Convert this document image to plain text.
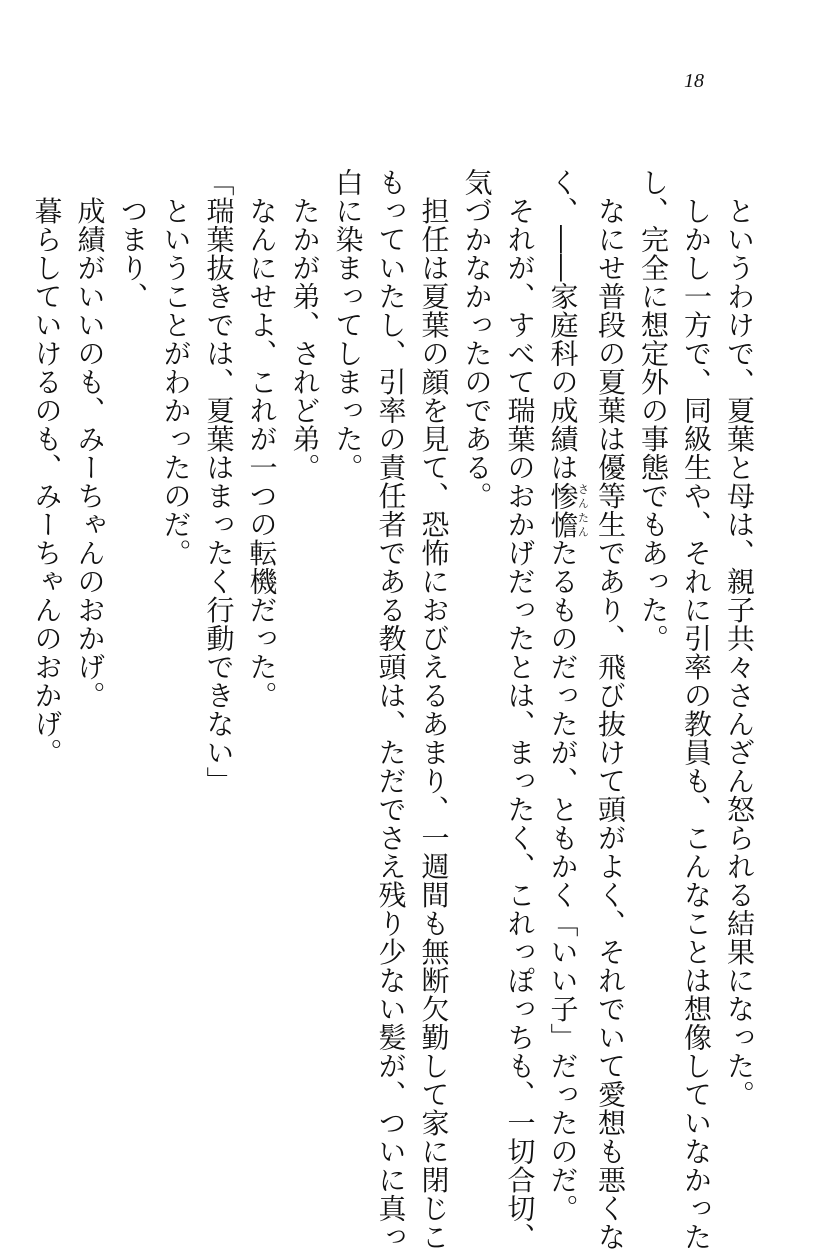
18
　というわけで、夏葉と母は、親子共々さんざん怒られる結果になった。
　しかし一方で、同級生や、それに引率の教員も、こんなことは想像していなかった
し、完全に想定外の事態でもあった。
　なにせ普段の夏葉は優等生であり、飛び抜けて頭がよく、それでいて愛想も悪くな
く、――家庭科の成績は惨憺さんたんたるものだったが、ともかく「いい子」だったのだ。
　それが、すべて瑞葉のおかげだったとは、まったく、これっぽっちも、一切合切、
気づかなかったのである。
　担任は夏葉の顔を見て、恐怖におびえるあまり、一週間も無断欠勤して家に閉じこ
もっていたし、引率の責任者である教頭は、ただでさえ残り少ない髪が、ついに真っ
白に染まってしまった。
　たかが弟、されど弟。
　なんにせよ、これが一つの転機だった。
「瑞葉抜きでは、夏葉はまったく行動できない」
　ということがわかったのだ。
　つまり、
　成績がいいのも、みーちゃんのおかげ。
　暮らしていけるのも、みーちゃんのおかげ。
